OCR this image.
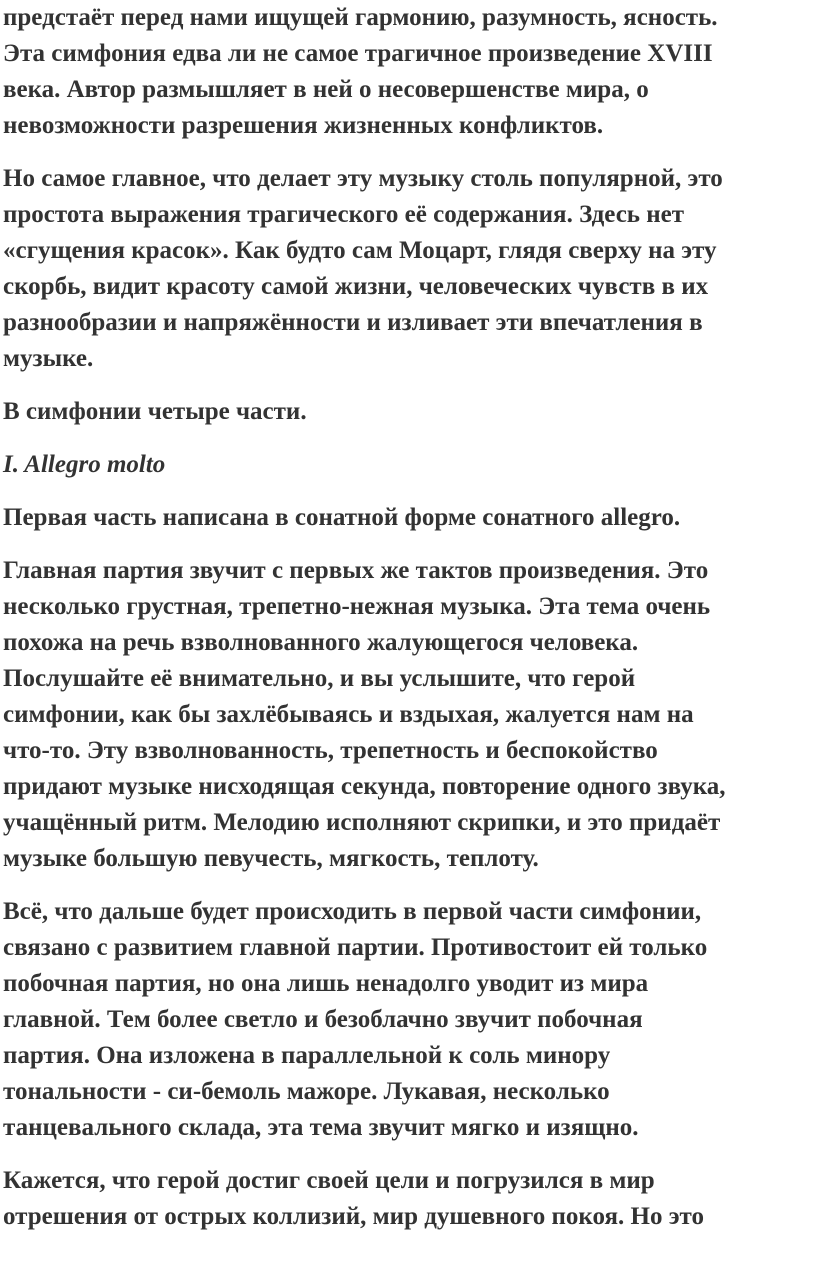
предстаёт перед нами ищущей гармонию, разумность, ясность.
Эта симфония едва ли не самое трагичное произведение XVIII
века. Автор размышляет в ней о несовершенстве мира, о
невозможности разрешения жизненных конфликтов.
Но самое главное, что делает эту музыку столь популярной, это
простота выражения трагического её содержания. Здесь нет
«сгущения красок». Как будто сам Моцарт, глядя сверху на эту
скорбь, видит красоту самой жизни, человеческих чувств в их
разнообразии и напряжённости и изливает эти впечатления в
музыке.
В симфонии четыре части.
I. Allegro molto
Первая часть написана в сонатной форме сонатного allegro.
Главная партия звучит с первых же тактов произведения. Это
несколько грустная, трепетно-нежная музыка. Эта тема очень
похожа на речь взволнованного жалующегося человека.
Послушайте её внимательно, и вы услышите, что герой
симфонии, как бы захлёбываясь и вздыхая, жалуется нам на
что-то. Эту взволнованность, трепетность и беспокойство
придают музыке нисходящая секунда, повторение одного звука,
учащённый ритм. Мелодию исполняют скрипки, и это придаёт
музыке большую певучесть, мягкость, теплоту.
Всё, что дальше будет происходить в первой части симфонии,
связано с развитием главной партии. Противостоит ей только
побочная партия, но она лишь ненадолго уводит из мира
главной. Тем более светло и безоблачно звучит побочная
партия. Она изложена в параллельной к соль минору
тональности - си-бемоль мажоре. Лукавая, несколько
танцевального склада, эта тема звучит мягко и изящно.
Кажется, что герой достиг своей цели и погрузился в мир
отрешения от острых коллизий, мир душевного покоя. Но это
